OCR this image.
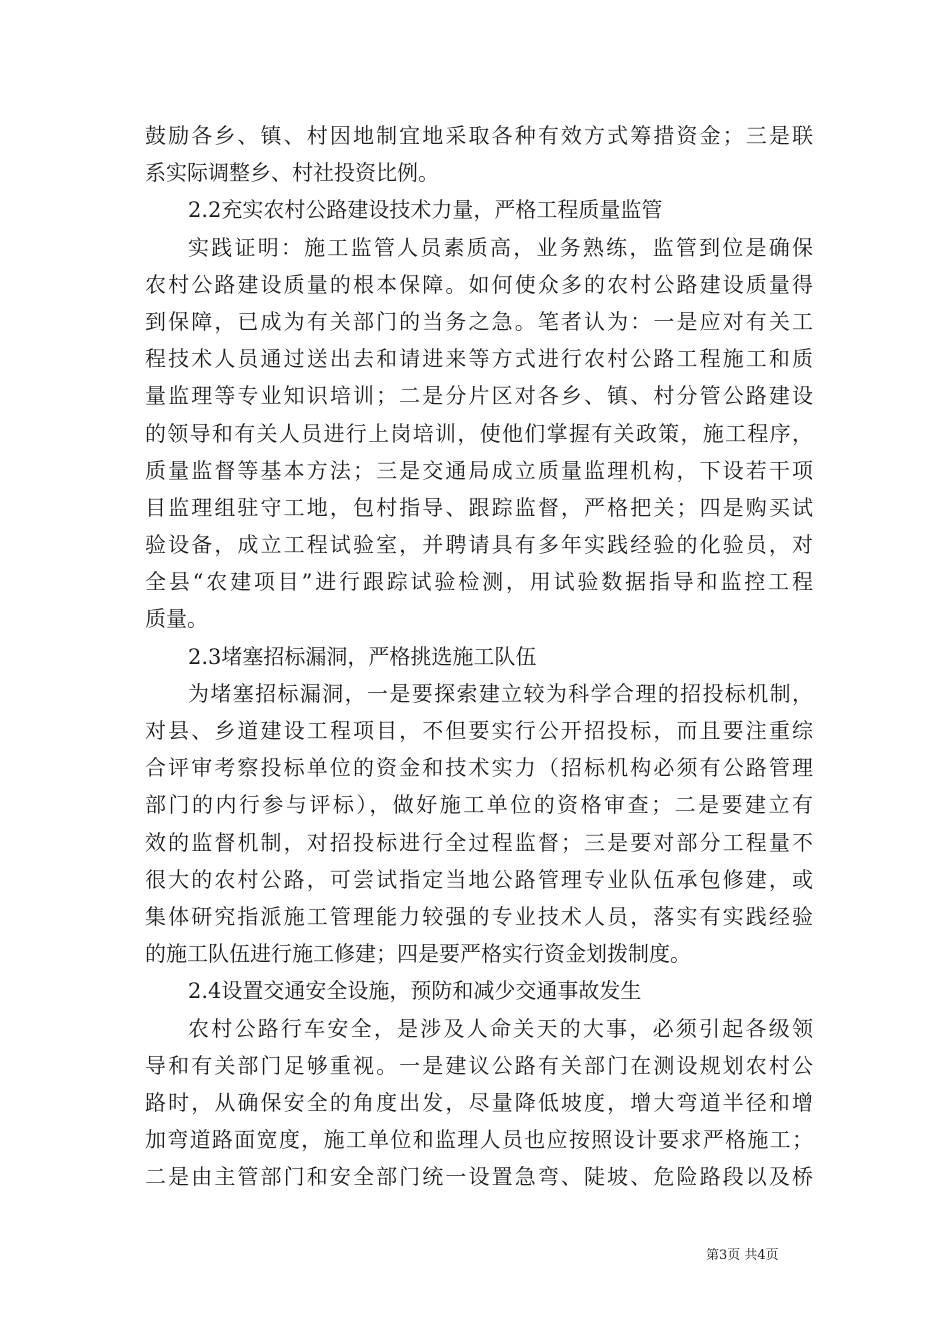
鼓励各乡、镇、村因地制宜地采取各种有效方式筹措资金；三是联
系实际调整乡、村社投资比例。
2.2充实农村公路建设技术力量，严格工程质量监管
实践证明：施工监管人员素质高，业务熟练，监管到位是确保
农村公路建设质量的根本保障。如何使众多的农村公路建设质量得
到保障，已成为有关部门的当务之急。笔者认为：一是应对有关工
程技术人员通过送出去和请进来等方式进行农村公路工程施工和质
量监理等专业知识培训；二是分片区对各乡、镇、村分管公路建设
的领导和有关人员进行上岗培训，使他们掌握有关政策，施工程序，
质量监督等基本方法；三是交通局成立质量监理机构，下设若干项
目监理组驻守工地，包村指导、跟踪监督，严格把关；四是购买试
验设备，成立工程试验室，并聘请具有多年实践经验的化验员，对
全县“农建项目”进行跟踪试验检测，用试验数据指导和监控工程
质量。
2.3堵塞招标漏洞，严格挑选施工队伍
为堵塞招标漏洞，一是要探索建立较为科学合理的招投标机制，
对县、乡道建设工程项目，不但要实行公开招投标，而且要注重综
合评审考察投标单位的资金和技术实力（招标机构必须有公路管理
部门的内行参与评标），做好施工单位的资格审查；二是要建立有
效的监督机制，对招投标进行全过程监督；三是要对部分工程量不
很大的农村公路，可尝试指定当地公路管理专业队伍承包修建，或
集体研究指派施工管理能力较强的专业技术人员，落实有实践经验
的施工队伍进行施工修建；四是要严格实行资金划拨制度。
2.4设置交通安全设施，预防和减少交通事故发生
农村公路行车安全，是涉及人命关天的大事，必须引起各级领
导和有关部门足够重视。一是建议公路有关部门在测设规划农村公
路时，从确保安全的角度出发，尽量降低坡度，增大弯道半径和增
加弯道路面宽度，施工单位和监理人员也应按照设计要求严格施工；
二是由主管部门和安全部门统一设置急弯、陡坡、危险路段以及桥
第3页 共4页
